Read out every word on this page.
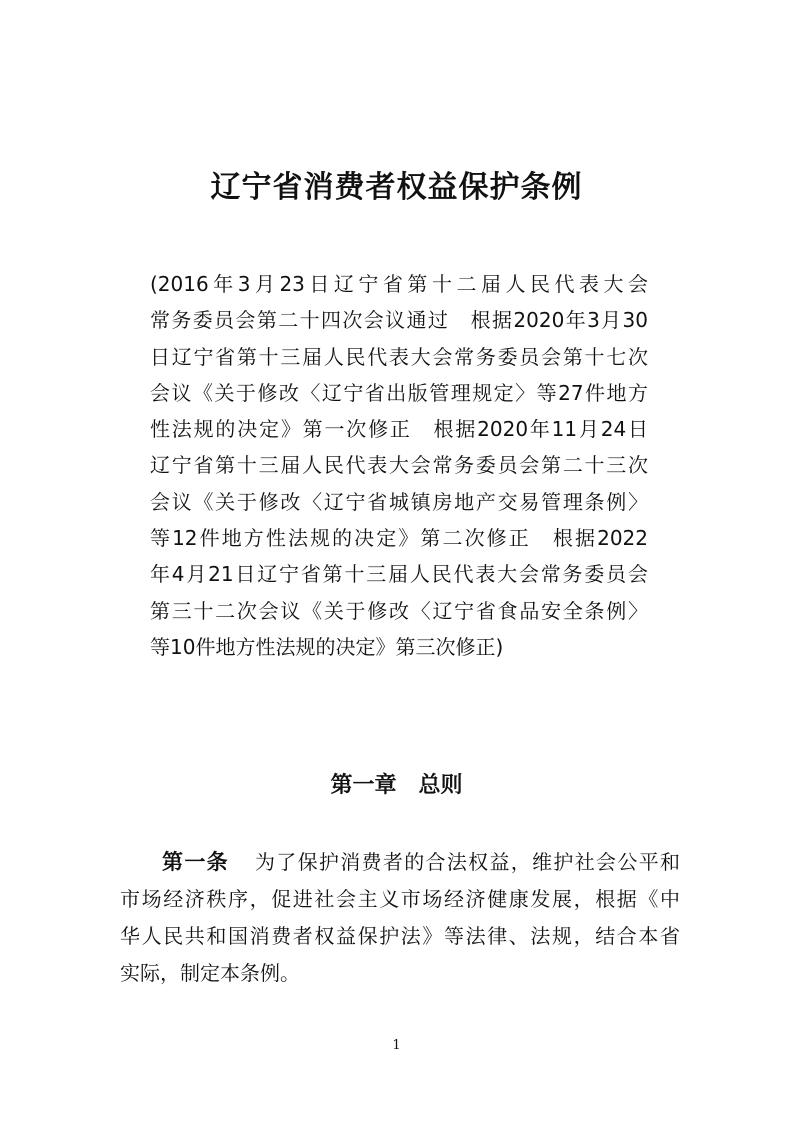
辽宁省消费者权益保护条例
(2016年3月23日辽宁省第十二届人民代表大会
常务委员会第二十四次会议通过　根据2020年3月30
日辽宁省第十三届人民代表大会常务委员会第十七次
会议《关于修改〈辽宁省出版管理规定〉等27件地方
性法规的决定》第一次修正　根据2020年11月24日
辽宁省第十三届人民代表大会常务委员会第二十三次
会议《关于修改〈辽宁省城镇房地产交易管理条例〉
等12件地方性法规的决定》第二次修正　根据2022
年4月21日辽宁省第十三届人民代表大会常务委员会
第三十二次会议《关于修改〈辽宁省食品安全条例〉
等10件地方性法规的决定》第三次修正)
第一章 总则
第一条 为了保护消费者的合法权益，维护社会公平和
市场经济秩序，促进社会主义市场经济健康发展，根据《中
华人民共和国消费者权益保护法》等法律、法规，结合本省
实际，制定本条例。

1
